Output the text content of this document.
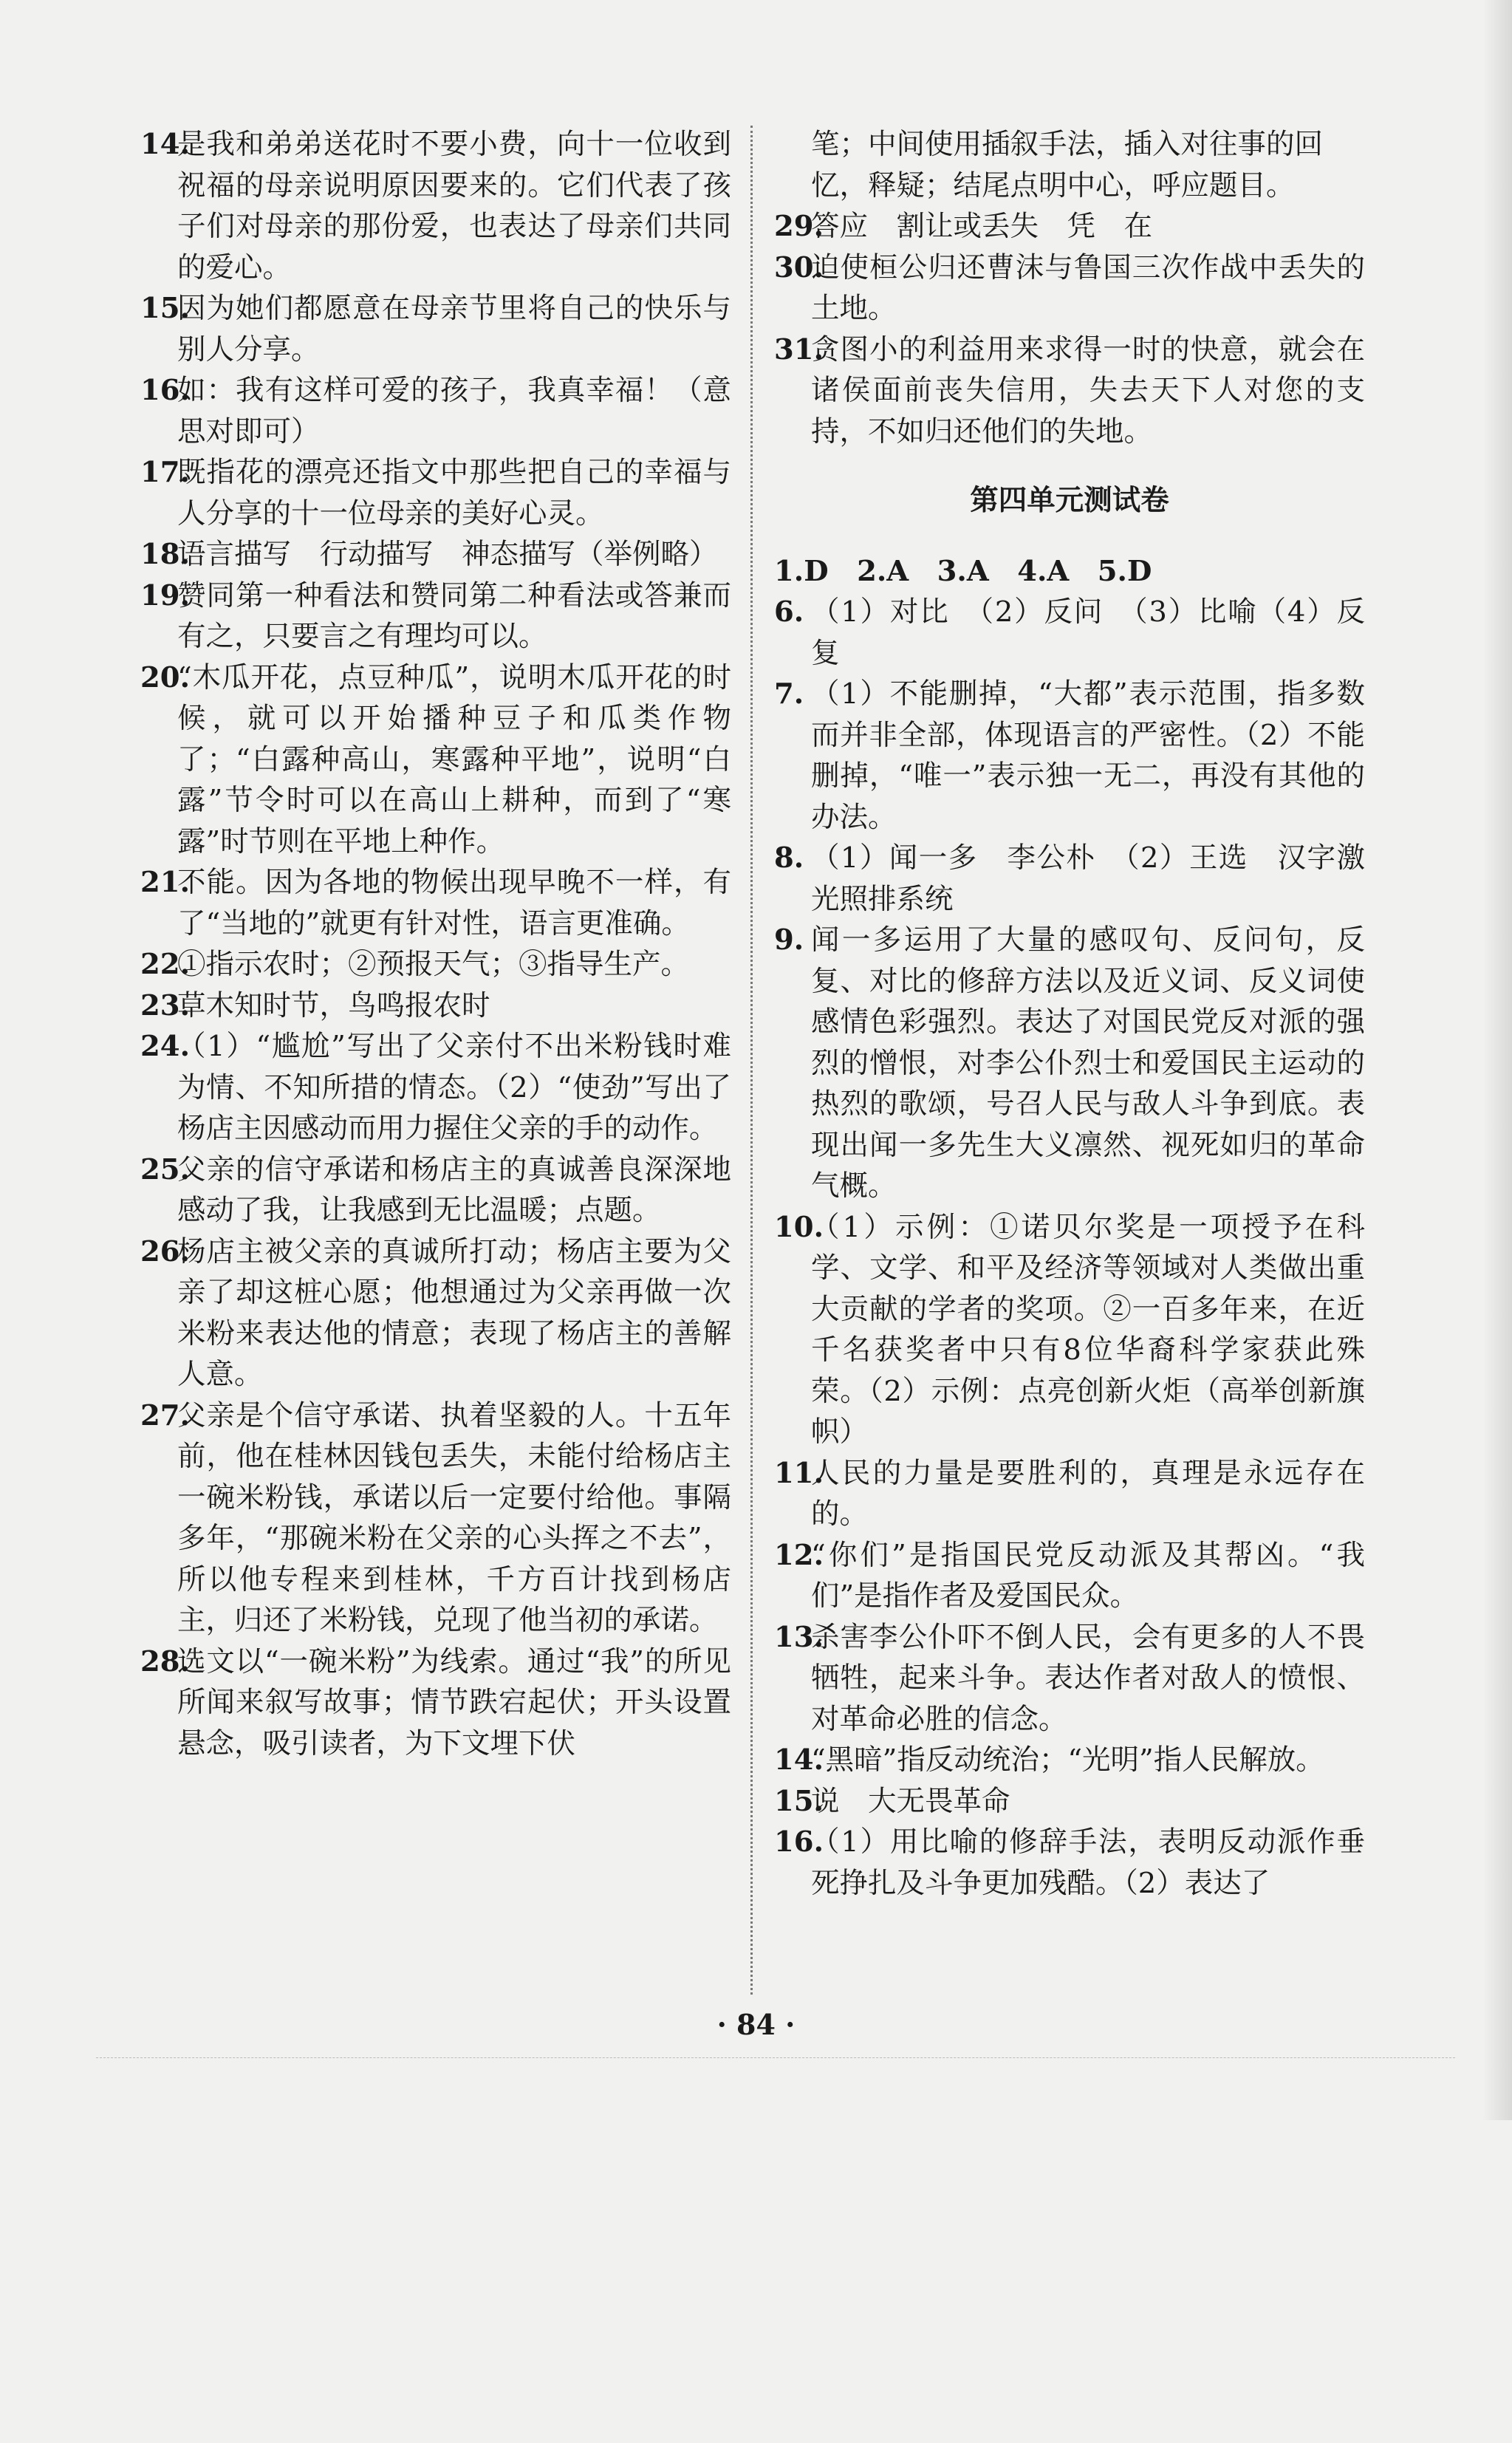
14.
是我和弟弟送花时不要小费，向十一位收到祝福的母亲说明原因要来的。它们代表了孩子们对母亲的那份爱，也表达了母亲们共同的爱心。
15.
因为她们都愿意在母亲节里将自己的快乐与别人分享。
16.
如：我有这样可爱的孩子，我真幸福！（意思对即可）
17.
既指花的漂亮还指文中那些把自己的幸福与人分享的十一位母亲的美好心灵。
18.
语言描写　行动描写　神态描写（举例略）
19.
赞同第一种看法和赞同第二种看法或答兼而有之，只要言之有理均可以。
20.
“木瓜开花，点豆种瓜”，说明木瓜开花的时候，就可以开始播种豆子和瓜类作物了；“白露种高山，寒露种平地”，说明“白露”节令时可以在高山上耕种，而到了“寒露”时节则在平地上种作。
21.
不能。因为各地的物候出现早晚不一样，有了“当地的”就更有针对性，语言更准确。
22.
①指示农时；②预报天气；③指导生产。
23.
草木知时节，鸟鸣报农时
24.
（1）“尴尬”写出了父亲付不出米粉钱时难为情、不知所措的情态。（2）“使劲”写出了杨店主因感动而用力握住父亲的手的动作。
25.
父亲的信守承诺和杨店主的真诚善良深深地感动了我，让我感到无比温暖；点题。
26.
杨店主被父亲的真诚所打动；杨店主要为父亲了却这桩心愿；他想通过为父亲再做一次米粉来表达他的情意；表现了杨店主的善解人意。
27.
父亲是个信守承诺、执着坚毅的人。十五年前，他在桂林因钱包丢失，未能付给杨店主一碗米粉钱，承诺以后一定要付给他。事隔多年，“那碗米粉在父亲的心头挥之不去”，所以他专程来到桂林，千方百计找到杨店主，归还了米粉钱，兑现了他当初的承诺。
28.
选文以“一碗米粉”为线索。通过“我”的所见所闻来叙写故事；情节跌宕起伏；开头设置悬念，吸引读者，为下文埋下伏
笔；中间使用插叙手法，插入对往事的回忆，释疑；结尾点明中心，呼应题目。
29.
答应　割让或丢失　凭　在
30.
迫使桓公归还曹沫与鲁国三次作战中丢失的土地。
31.
贪图小的利益用来求得一时的快意，就会在诸侯面前丧失信用，失去天下人对您的支持，不如归还他们的失地。
第四单元测试卷
1.D　2.A　3.A　4.A　5.D
6. （1）对比　（2）反问　（3）比喻（4）反复
7. （1）不能删掉，“大都”表示范围，指多数而并非全部，体现语言的严密性。（2）不能删掉，“唯一”表示独一无二，再没有其他的办法。
8. （1）闻一多　李公朴　（2）王选　汉字激光照排系统
9. 闻一多运用了大量的感叹句、反问句，反复、对比的修辞方法以及近义词、反义词使感情色彩强烈。表达了对国民党反对派的强烈的憎恨，对李公仆烈士和爱国民主运动的热烈的歌颂，号召人民与敌人斗争到底。表现出闻一多先生大义凛然、视死如归的革命气概。
10.
（1）示例：①诺贝尔奖是一项授予在科学、文学、和平及经济等领域对人类做出重大贡献的学者的奖项。②一百多年来，在近千名获奖者中只有8位华裔科学家获此殊荣。（2）示例：点亮创新火炬（高举创新旗帜）
11.
人民的力量是要胜利的，真理是永远存在的。
12.
“你们”是指国民党反动派及其帮凶。“我们”是指作者及爱国民众。
13.
杀害李公仆吓不倒人民，会有更多的人不畏牺牲，起来斗争。表达作者对敌人的愤恨、对革命必胜的信念。
14.
“黑暗”指反动统治；“光明”指人民解放。
15.
说　大无畏革命
16.
（1）用比喻的修辞手法，表明反动派作垂死挣扎及斗争更加残酷。（2）表达了
· 84 ·
